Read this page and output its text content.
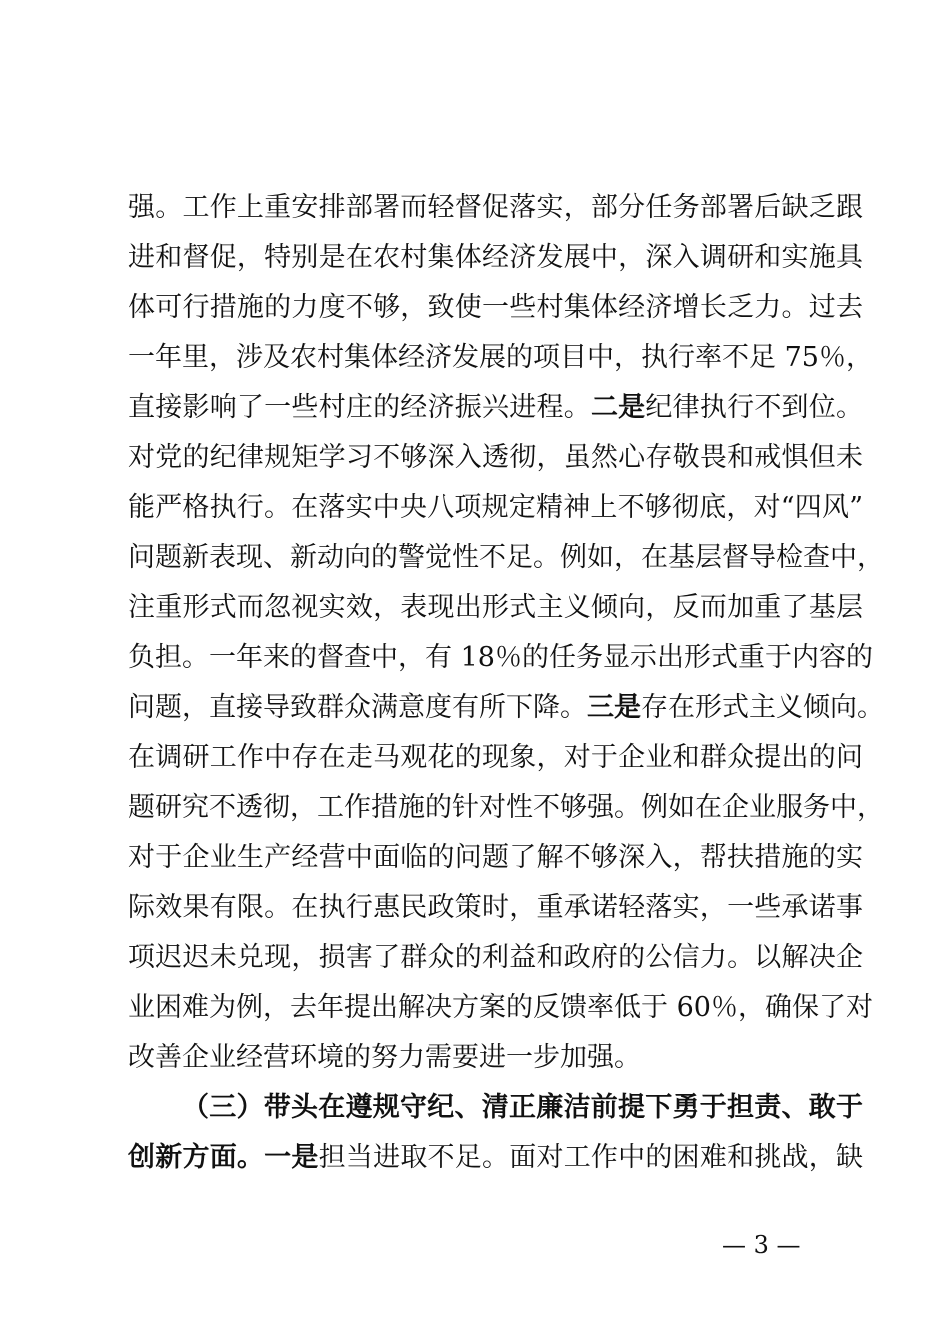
强。工作上重安排部署而轻督促落实，部分任务部署后缺乏跟
进和督促，特别是在农村集体经济发展中，深入调研和实施具
体可行措施的力度不够，致使一些村集体经济增长乏力。过去
一年里，涉及农村集体经济发展的项目中，执行率不足 75％，
直接影响了一些村庄的经济振兴进程。二是纪律执行不到位。
对党的纪律规矩学习不够深入透彻，虽然心存敬畏和戒惧但未
能严格执行。在落实中央八项规定精神上不够彻底，对“四风”
问题新表现、新动向的警觉性不足。例如，在基层督导检查中，
注重形式而忽视实效，表现出形式主义倾向，反而加重了基层
负担。一年来的督查中，有 18％的任务显示出形式重于内容的
问题，直接导致群众满意度有所下降。三是存在形式主义倾向。
在调研工作中存在走马观花的现象，对于企业和群众提出的问
题研究不透彻，工作措施的针对性不够强。例如在企业服务中，
对于企业生产经营中面临的问题了解不够深入，帮扶措施的实
际效果有限。在执行惠民政策时，重承诺轻落实，一些承诺事
项迟迟未兑现，损害了群众的利益和政府的公信力。以解决企
业困难为例，去年提出解决方案的反馈率低于 60％，确保了对
改善企业经营环境的努力需要进一步加强。
（三）带头在遵规守纪、清正廉洁前提下勇于担责、敢于
创新方面。一是担当进取不足。面对工作中的困难和挑战，缺
— 3 —
